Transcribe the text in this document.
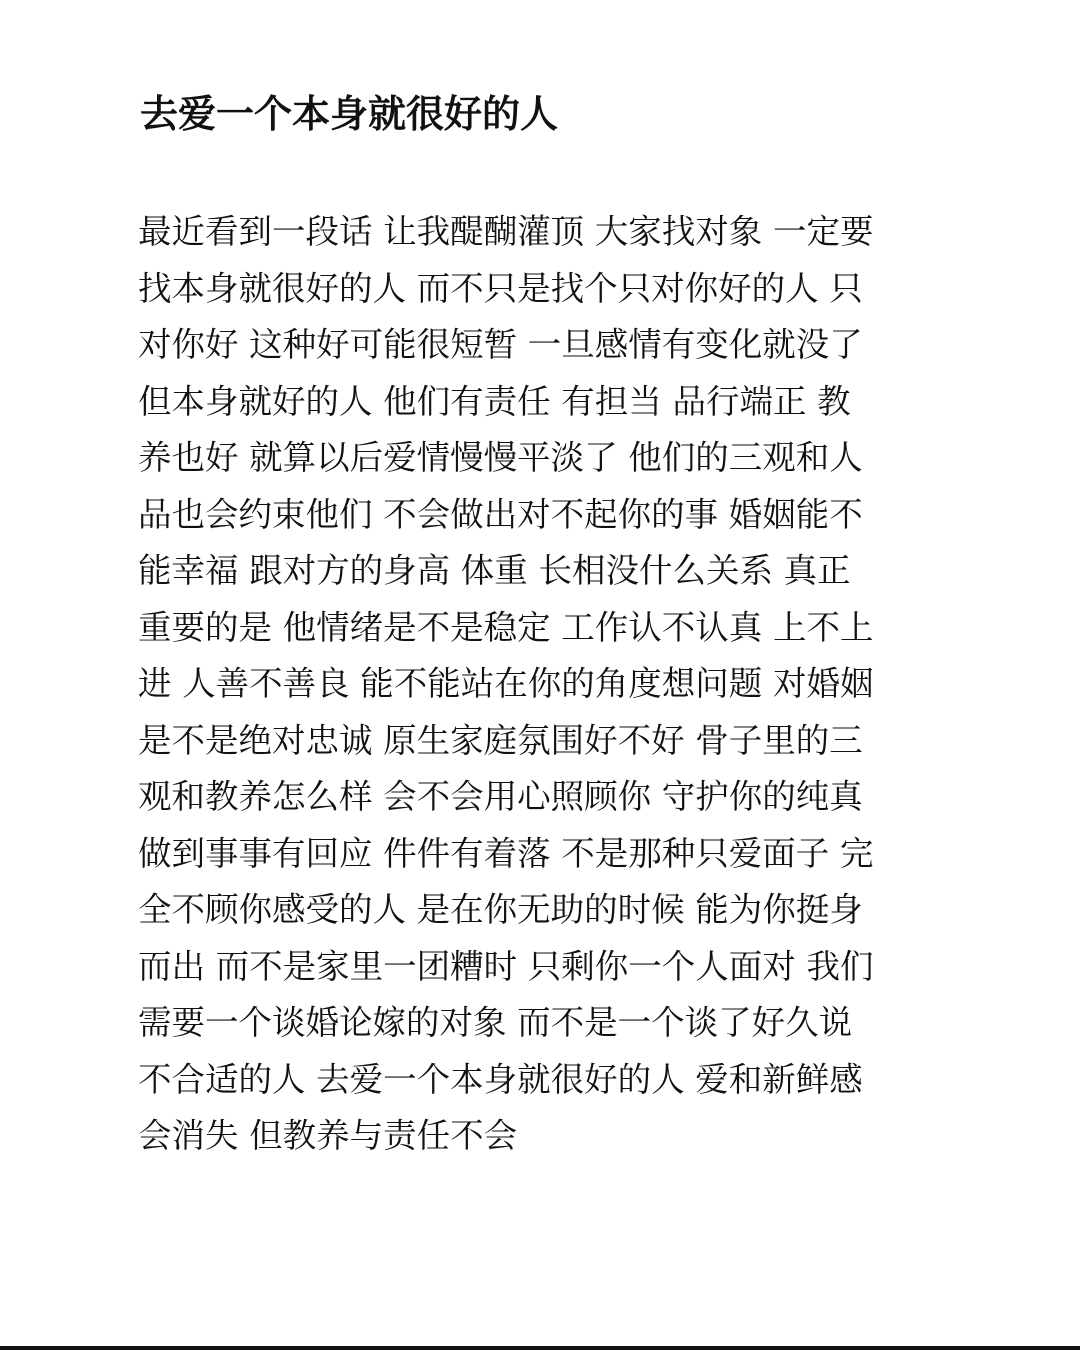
去爱一个本身就很好的人
最近看到一段话 让我醍醐灌顶 大家找对象 一定要
找本身就很好的人 而不只是找个只对你好的人 只
对你好 这种好可能很短暂 一旦感情有变化就没了
但本身就好的人 他们有责任 有担当 品行端正 教
养也好 就算以后爱情慢慢平淡了 他们的三观和人
品也会约束他们 不会做出对不起你的事 婚姻能不
能幸福 跟对方的身高 体重 长相没什么关系 真正
重要的是 他情绪是不是稳定 工作认不认真 上不上
进 人善不善良 能不能站在你的角度想问题 对婚姻
是不是绝对忠诚 原生家庭氛围好不好 骨子里的三
观和教养怎么样 会不会用心照顾你 守护你的纯真
做到事事有回应 件件有着落 不是那种只爱面子 完
全不顾你感受的人 是在你无助的时候 能为你挺身
而出 而不是家里一团糟时 只剩你一个人面对 我们
需要一个谈婚论嫁的对象 而不是一个谈了好久说
不合适的人 去爱一个本身就很好的人 爱和新鲜感
会消失 但教养与责任不会
